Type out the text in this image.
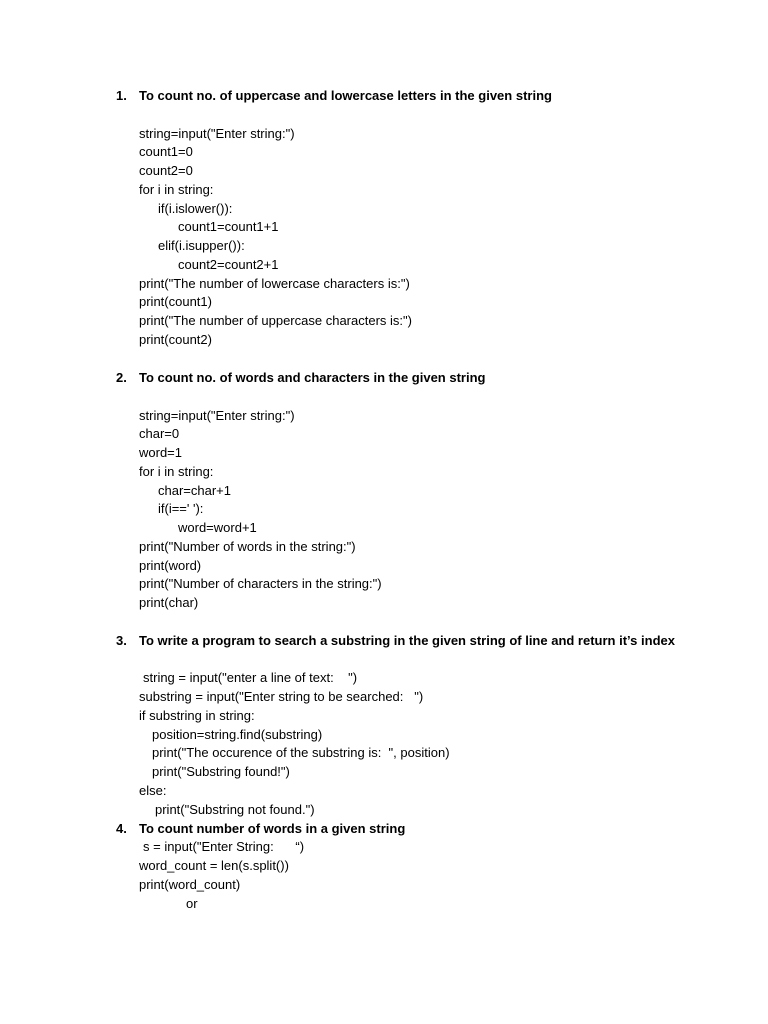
1. To count no. of uppercase and lowercase letters in the given string
string=input("Enter string:")
count1=0
count2=0
for i in string:
if(i.islower()):
count1=count1+1
elif(i.isupper()):
count2=count2+1
print("The number of lowercase characters is:")
print(count1)
print("The number of uppercase characters is:")
print(count2)
2. To count no. of words and characters in the given string
string=input("Enter string:")
char=0
word=1
for i in string:
char=char+1
if(i==' '):
word=word+1
print("Number of words in the string:")
print(word)
print("Number of characters in the string:")
print(char)
3. To write a program to search a substring in the given string of line and return it’s index
string = input("enter a line of text:    ")
substring = input("Enter string to be searched:   ")
if substring in string:
position=string.find(substring)
print("The occurence of the substring is:  ", position)
print("Substring found!")
else:
print("Substring not found.")
4. To count number of words in a given string
s = input("Enter String:      “)
word_count = len(s.split())
print(word_count)
or
